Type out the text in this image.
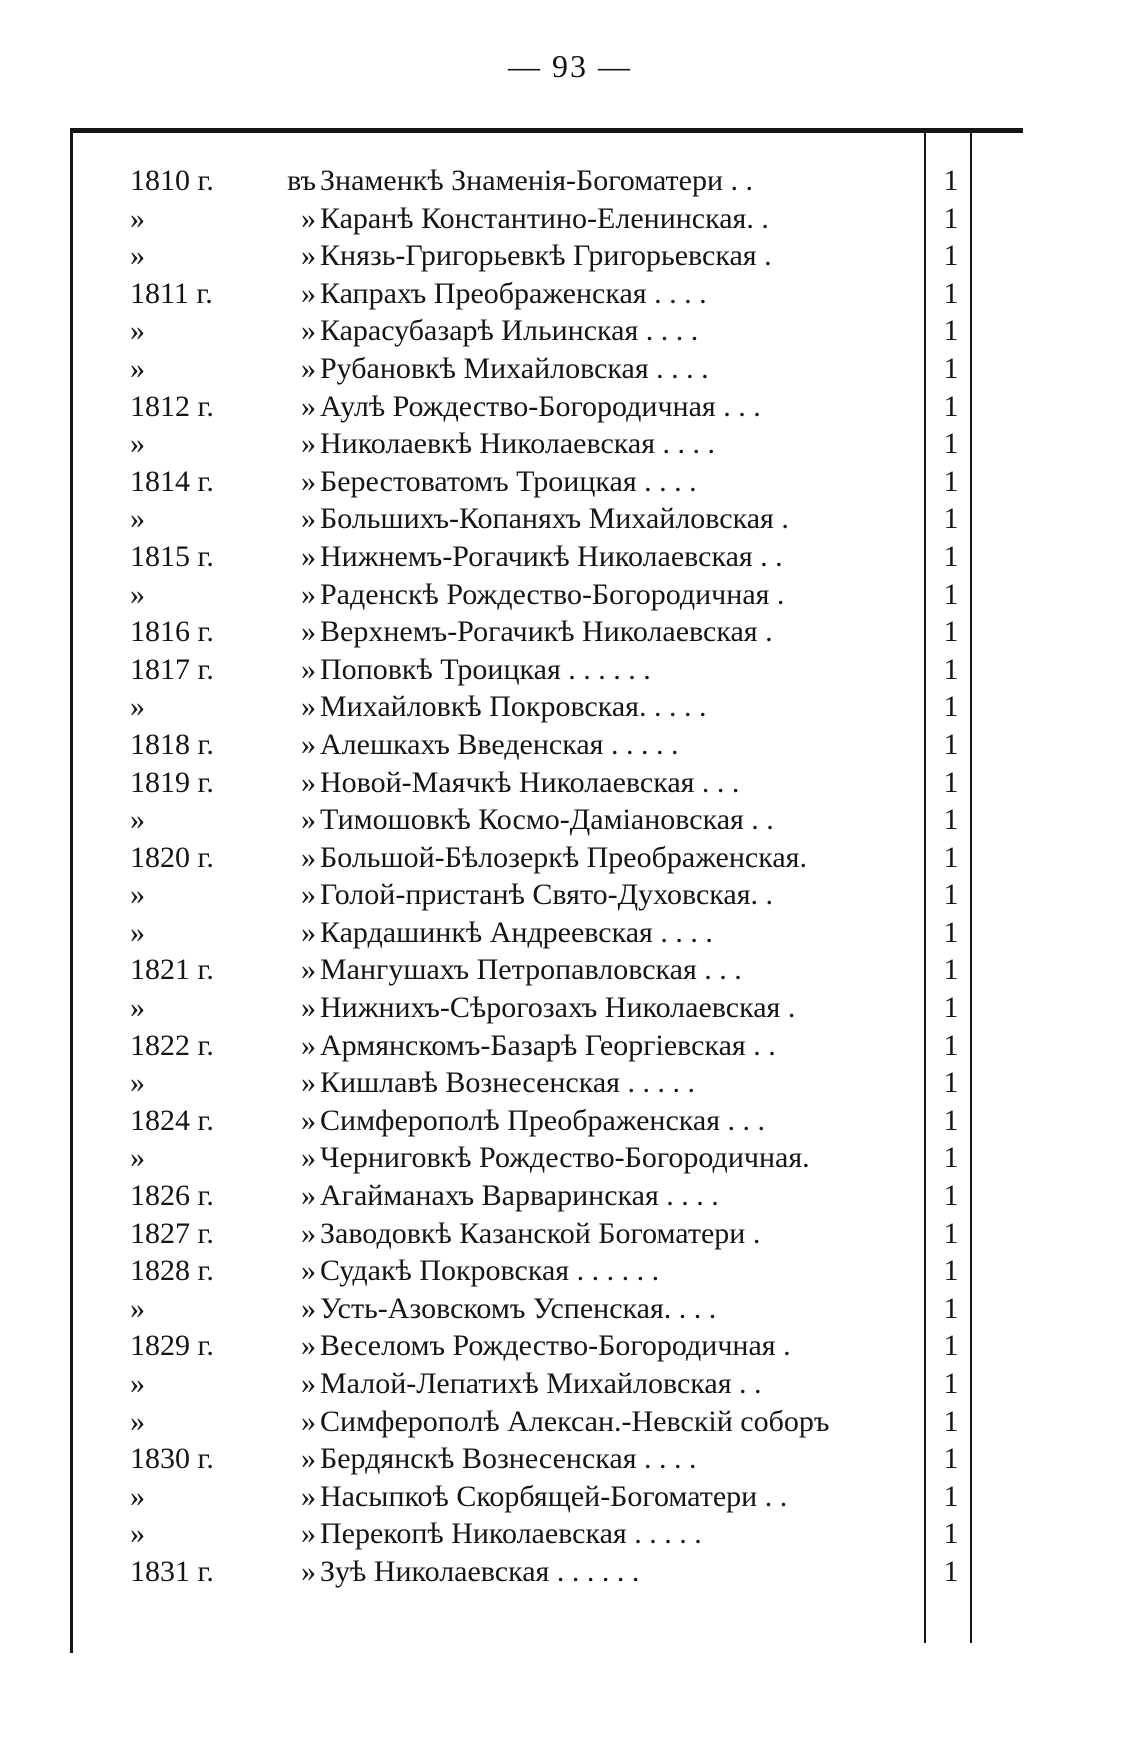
— 93 —
1810 г.	въ Знаменкѣ Знаменія-Богоматери . .	1
»	» Каранѣ Константино-Еленинская. .	1
»	» Князь-Григорьевкѣ Григорьевская .	1
1811 г.	» Капрахъ Преображенская . . . .	1
»	» Карасубазарѣ Ильинская . . . .	1
»	» Рубановкѣ Михайловская . . . .	1
1812 г.	» Аулѣ Рождество-Богородичная . . .	1
»	» Николаевкѣ Николаевская . . . .	1
1814 г.	» Берестоватомъ Троицкая . . . .	1
»	» Большихъ-Копаняхъ Михайловская .	1
1815 г.	» Нижнемъ-Рогачикѣ Николаевская . .	1
»	» Раденскѣ Рождество-Богородичная .	1
1816 г.	» Верхнемъ-Рогачикѣ Николаевская .	1
1817 г.	» Поповкѣ Троицкая . . . . . .	1
»	» Михайловкѣ Покровская. . . . .	1
1818 г.	» Алешкахъ Введенская . . . . .	1
1819 г.	» Новой-Маячкѣ Николаевская . . .	1
»	» Тимошовкѣ Космо-Даміановская . .	1
1820 г.	» Большой-Бѣлозеркѣ Преображенская.	1
»	» Голой-пристанѣ Свято-Духовская. .	1
»	» Кардашинкѣ Андреевская . . . .	1
1821 г.	» Мангушахъ Петропавловская . . .	1
»	» Нижнихъ-Сѣрогозахъ Николаевская .	1
1822 г.	» Армянскомъ-Базарѣ Георгіевская . .	1
»	» Кишлавѣ Вознесенская . . . . .	1
1824 г.	» Симферополѣ Преображенская . . .	1
»	» Черниговкѣ Рождество-Богородичная.	1
1826 г.	» Агайманахъ Варваринская . . . .	1
1827 г.	» Заводовкѣ Казанской Богоматери .	1
1828 г.	» Судакѣ Покровская . . . . . .	1
»	» Усть-Азовскомъ Успенская. . . .	1
1829 г.	» Веселомъ Рождество-Богородичная .	1
»	» Малой-Лепатихѣ Михайловская . .	1
»	» Симферополѣ Алексан.-Невскій соборъ	1
1830 г.	» Бердянскѣ Вознесенская . . . .	1
»	» Насыпкоѣ Скорбящей-Богоматери . .	1
»	» Перекопѣ Николаевская . . . . .	1
1831 г.	» Зуѣ Николаевская . . . . . .	1
